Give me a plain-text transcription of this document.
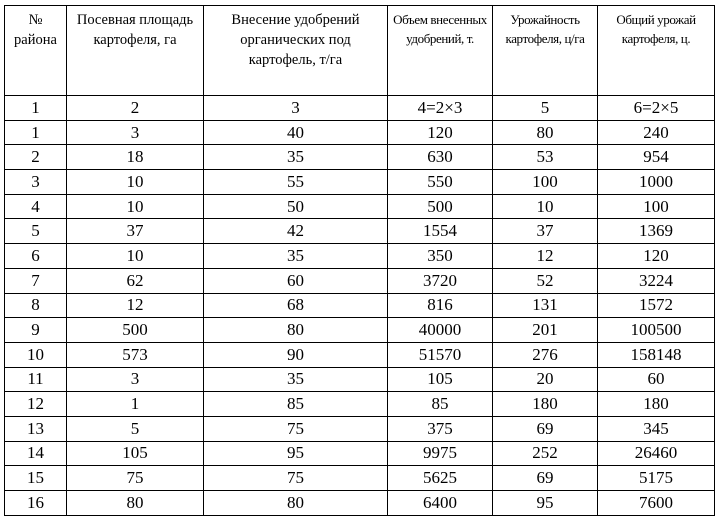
№ района	Посевная площадь картофеля, га	Внесение удобрений органических под картофель, т/га	Объем внесенных удобрений, т.	Урожайность картофеля, ц/га	Общий урожай картофеля, ц.

1	2	3	4=2×3	5	6=2×5
1	3	40	120	80	240
2	18	35	630	53	954
3	10	55	550	100	1000
4	10	50	500	10	100
5	37	42	1554	37	1369
6	10	35	350	12	120
7	62	60	3720	52	3224
8	12	68	816	131	1572
9	500	80	40000	201	100500
10	573	90	51570	276	158148
11	3	35	105	20	60
12	1	85	85	180	180
13	5	75	375	69	345
14	105	95	9975	252	26460
15	75	75	5625	69	5175
16	80	80	6400	95	7600
